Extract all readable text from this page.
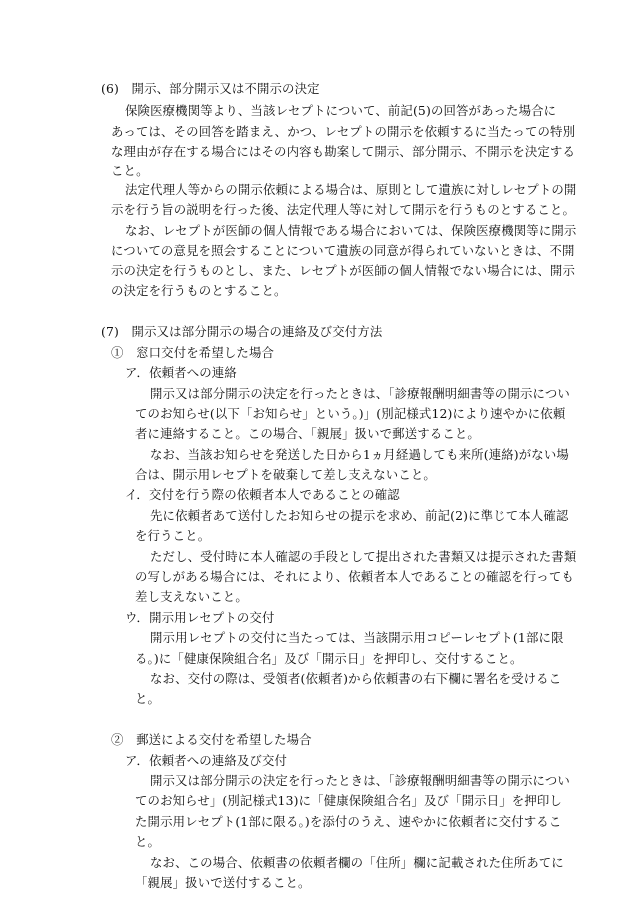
(6)　開示、部分開示又は不開示の決定

保険医療機関等より、当該レセプトについて、前記(5)の回答があった場合に

あっては、その回答を踏まえ、かつ、レセプトの開示を依頼するに当たっての特別

な理由が存在する場合にはその内容も勘案して開示、部分開示、不開示を決定する

こと。

法定代理人等からの開示依頼による場合は、原則として遺族に対しレセプトの開

示を行う旨の説明を行った後、法定代理人等に対して開示を行うものとすること。

なお、レセプトが医師の個人情報である場合においては、保険医療機関等に開示

についての意見を照会することについて遺族の同意が得られていないときは、不開

示の決定を行うものとし、また、レセプトが医師の個人情報でない場合には、開示

の決定を行うものとすること。

(7)　開示又は部分開示の場合の連絡及び交付方法

①　窓口交付を希望した場合

ア．依頼者への連絡

開示又は部分開示の決定を行ったときは、「診療報酬明細書等の開示につい

てのお知らせ(以下「お知らせ」という。)」(別記様式12)により速やかに依頼

者に連絡すること。この場合、「親展」扱いで郵送すること。

なお、当該お知らせを発送した日から1ヵ月経過しても来所(連絡)がない場

合は、開示用レセプトを破棄して差し支えないこと。

イ．交付を行う際の依頼者本人であることの確認

先に依頼者あて送付したお知らせの提示を求め、前記(2)に準じて本人確認

を行うこと。

ただし、受付時に本人確認の手段として提出された書類又は提示された書類

の写しがある場合には、それにより、依頼者本人であることの確認を行っても

差し支えないこと。

ウ．開示用レセプトの交付

開示用レセプトの交付に当たっては、当該開示用コピーレセプト(1部に限

る。)に「健康保険組合名」及び「開示日」を押印し、交付すること。

なお、交付の際は、受領者(依頼者)から依頼書の右下欄に署名を受けるこ

と。

②　郵送による交付を希望した場合

ア．依頼者への連絡及び交付

開示又は部分開示の決定を行ったときは、「診療報酬明細書等の開示につい

てのお知らせ」(別記様式13)に「健康保険組合名」及び「開示日」を押印し

た開示用レセプト(1部に限る。)を添付のうえ、速やかに依頼者に交付するこ

と。

なお、この場合、依頼書の依頼者欄の「住所」欄に記載された住所あてに

「親展」扱いで送付すること。
